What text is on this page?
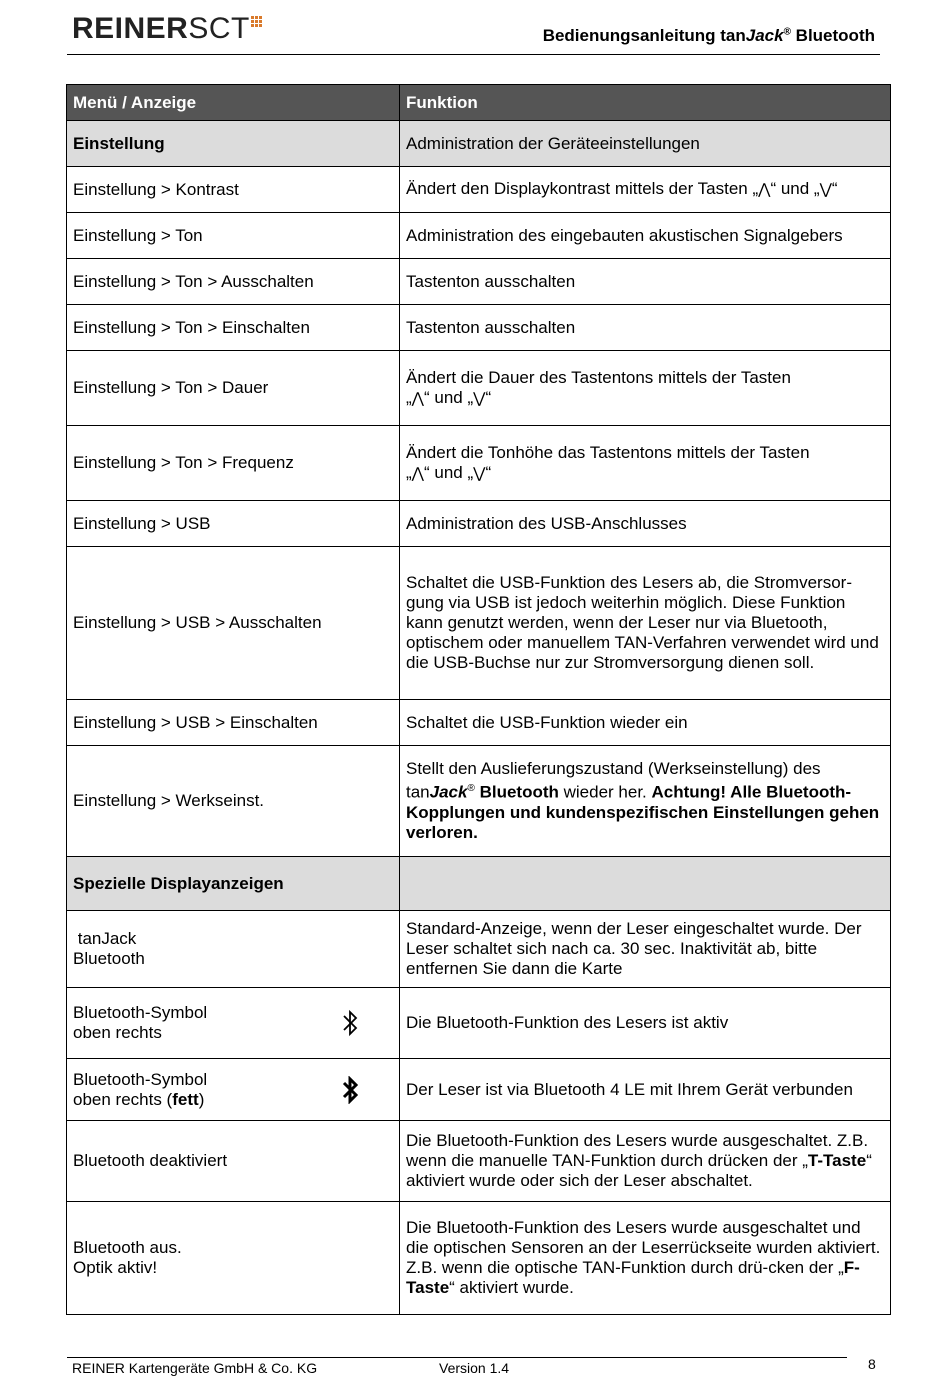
REINERSCT	Bedienungsanleitung tanJack® Bluetooth
Menü / Anzeige	Funktion
Einstellung	Administration der Geräteeinstellungen
Einstellung > Kontrast	Ändert den Displaykontrast mittels der Tasten „⋀“ und „⋁“
Einstellung > Ton	Administration des eingebauten akustischen Signalgebers
Einstellung > Ton > Ausschalten	Tastenton ausschalten
Einstellung > Ton > Einschalten	Tastenton ausschalten
Einstellung > Ton > Dauer	Ändert die Dauer des Tastentons mittels der Tasten
„⋀“ und „⋁“
Einstellung > Ton > Frequenz	Ändert die Tonhöhe das Tastentons mittels der Tasten
„⋀“ und „⋁“
Einstellung > USB	Administration des USB-Anschlusses
Einstellung > USB > Ausschalten	Schaltet die USB-Funktion des Lesers ab, die Stromversor-gung via USB ist jedoch weiterhin möglich. Diese Funktion kann genutzt werden, wenn der Leser nur via Bluetooth, optischem oder manuellem TAN-Verfahren verwendet wird und die USB-Buchse nur zur Stromversorgung dienen soll.
Einstellung > USB > Einschalten	Schaltet die USB-Funktion wieder ein
Einstellung > Werkseinst.	Stellt den Auslieferungszustand (Werkseinstellung) des tanJack® Bluetooth wieder her. Achtung! Alle Bluetooth-Kopplungen und kundenspezifischen Einstellungen gehen verloren.
Spezielle Displayanzeigen	
tanJack
Bluetooth	Standard-Anzeige, wenn der Leser eingeschaltet wurde. Der Leser schaltet sich nach ca. 30 sec. Inaktivität ab, bitte entfernen Sie dann die Karte
Bluetooth-Symbol
oben rechts	Die Bluetooth-Funktion des Lesers ist aktiv
Bluetooth-Symbol
oben rechts (fett)	Der Leser ist via Bluetooth 4 LE mit Ihrem Gerät verbunden
Bluetooth deaktiviert	Die Bluetooth-Funktion des Lesers wurde ausgeschaltet. Z.B. wenn die manuelle TAN-Funktion durch drücken der „T-Taste“ aktiviert wurde oder sich der Leser abschaltet.
Bluetooth aus.
Optik aktiv!	Die Bluetooth-Funktion des Lesers wurde ausgeschaltet und die optischen Sensoren an der Leserrückseite wurden aktiviert. Z.B. wenn die optische TAN-Funktion durch drü-cken der „F-Taste“ aktiviert wurde.
REINER Kartengeräte GmbH & Co. KG	Version 1.4	8
